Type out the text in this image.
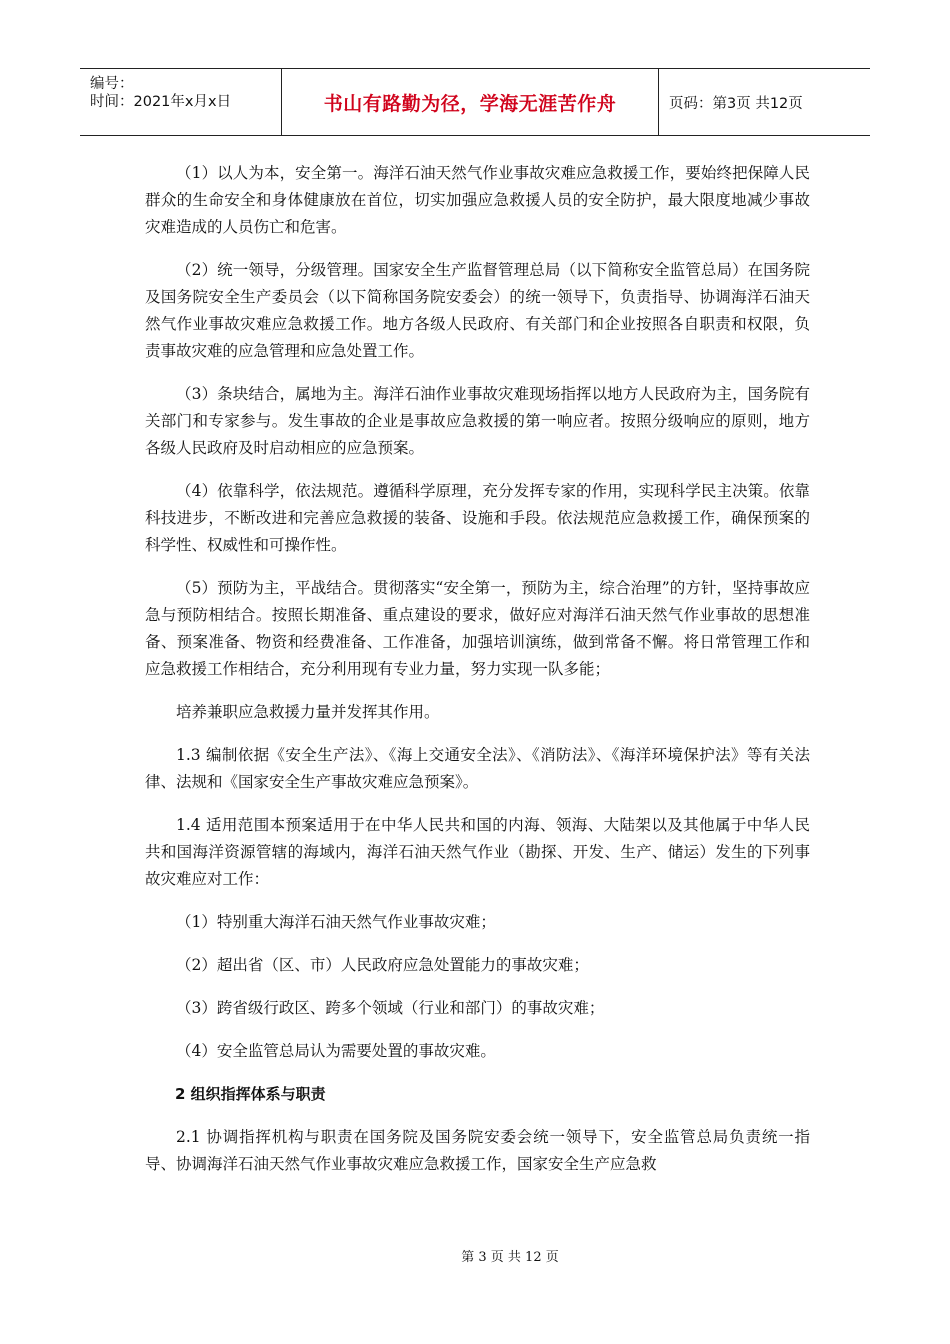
编号：
时间：2021年x月x日	书山有路勤为径，学海无涯苦作舟	页码：第3页 共12页

（1）以人为本，安全第一。海洋石油天然气作业事故灾难应急救援工作，要始终把保障人民群众的生命安全和身体健康放在首位，切实加强应急救援人员的安全防护，最大限度地减少事故灾难造成的人员伤亡和危害。

（2）统一领导，分级管理。国家安全生产监督管理总局（以下简称安全监管总局）在国务院及国务院安全生产委员会（以下简称国务院安委会）的统一领导下，负责指导、协调海洋石油天然气作业事故灾难应急救援工作。地方各级人民政府、有关部门和企业按照各自职责和权限，负责事故灾难的应急管理和应急处置工作。

（3）条块结合，属地为主。海洋石油作业事故灾难现场指挥以地方人民政府为主，国务院有关部门和专家参与。发生事故的企业是事故应急救援的第一响应者。按照分级响应的原则，地方各级人民政府及时启动相应的应急预案。

（4）依靠科学，依法规范。遵循科学原理，充分发挥专家的作用，实现科学民主决策。依靠科技进步，不断改进和完善应急救援的装备、设施和手段。依法规范应急救援工作，确保预案的科学性、权威性和可操作性。

（5）预防为主，平战结合。贯彻落实“安全第一，预防为主，综合治理”的方针，坚持事故应急与预防相结合。按照长期准备、重点建设的要求，做好应对海洋石油天然气作业事故的思想准备、预案准备、物资和经费准备、工作准备，加强培训演练，做到常备不懈。将日常管理工作和应急救援工作相结合，充分利用现有专业力量，努力实现一队多能；

培养兼职应急救援力量并发挥其作用。

1.3 编制依据《安全生产法》、《海上交通安全法》、《消防法》、《海洋环境保护法》等有关法律、法规和《国家安全生产事故灾难应急预案》。

1.4 适用范围本预案适用于在中华人民共和国的内海、领海、大陆架以及其他属于中华人民共和国海洋资源管辖的海域内，海洋石油天然气作业（勘探、开发、生产、储运）发生的下列事故灾难应对工作：

（1）特别重大海洋石油天然气作业事故灾难；

（2）超出省（区、市）人民政府应急处置能力的事故灾难；

（3）跨省级行政区、跨多个领域（行业和部门）的事故灾难；

（4）安全监管总局认为需要处置的事故灾难。

2 组织指挥体系与职责

2.1 协调指挥机构与职责在国务院及国务院安委会统一领导下，安全监管总局负责统一指导、协调海洋石油天然气作业事故灾难应急救援工作，国家安全生产应急救

第 3 页 共 12 页
